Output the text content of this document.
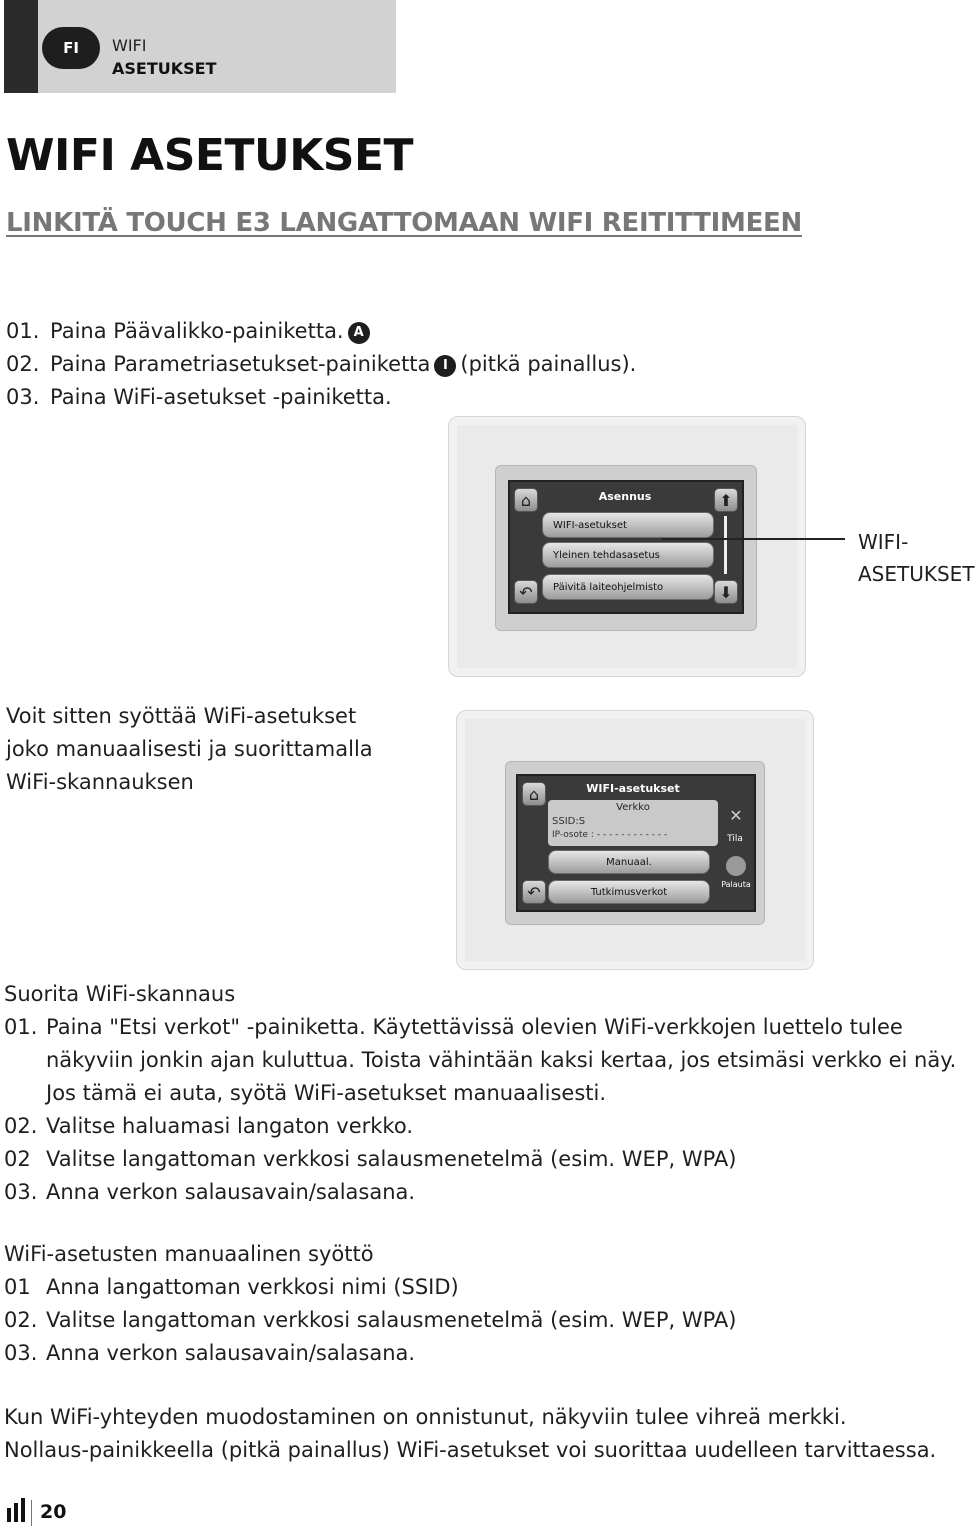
FI	WIFI
ASETUKSET
WIFI ASETUKSET
LINKITÄ TOUCH E3 LANGATTOMAAN WIFI REITITTIMEEN
01. Paina Päävalikko-painiketta. A
02. Paina Parametriasetukset-painiketta I (pitkä painallus).
03. Paina WiFi-asetukset -painiketta.
⌂
↶
⬆
⬇
Asennus
WIFI-asetukset
Yleinen tehdasasetus
Päivitä laiteohjelmisto
WIFI-
ASETUKSET
Voit sitten syöttää WiFi-asetukset
joko manuaalisesti ja suorittamalla
WiFi-skannauksen	⌂
↶
WIFI-asetukset
Verkko
SSID:S
IP-osote : - - - - - - - - - - - -
Manuaal.
Tutkimusverkot
✕
Tila
Palauta
Suorita WiFi-skannaus
01. Paina "Etsi verkot" -painiketta. Käytettävissä olevien WiFi-verkkojen luettelo tulee
näkyviin jonkin ajan kuluttua. Toista vähintään kaksi kertaa, jos etsimäsi verkko ei näy.
Jos tämä ei auta, syötä WiFi-asetukset manuaalisesti.
02. Valitse haluamasi langaton verkko.
02 Valitse langattoman verkkosi salausmenetelmä (esim. WEP, WPA)
03. Anna verkon salausavain/salasana.
WiFi-asetusten manuaalinen syöttö
01 Anna langattoman verkkosi nimi (SSID)
02. Valitse langattoman verkkosi salausmenetelmä (esim. WEP, WPA)
03. Anna verkon salausavain/salasana.
Kun WiFi-yhteyden muodostaminen on onnistunut, näkyviin tulee vihreä merkki.
Nollaus-painikkeella (pitkä painallus) WiFi-asetukset voi suorittaa uudelleen tarvittaessa.
20
